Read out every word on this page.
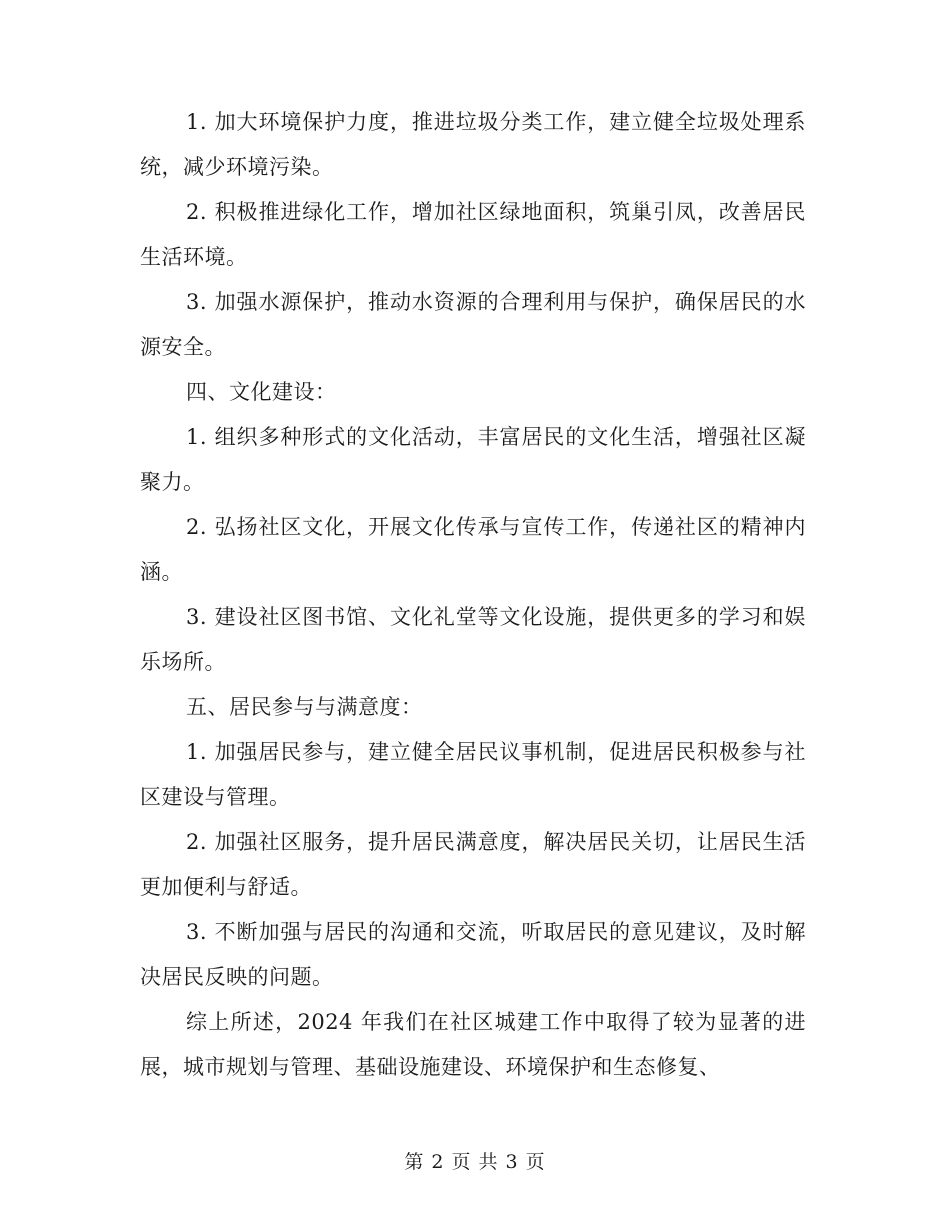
1. 加大环境保护力度，推进垃圾分类工作，建立健全垃圾处理系统，减少环境污染。

2. 积极推进绿化工作，增加社区绿地面积，筑巢引凤，改善居民生活环境。

3. 加强水源保护，推动水资源的合理利用与保护，确保居民的水源安全。

四、文化建设：

1. 组织多种形式的文化活动，丰富居民的文化生活，增强社区凝聚力。

2. 弘扬社区文化，开展文化传承与宣传工作，传递社区的精神内涵。

3. 建设社区图书馆、文化礼堂等文化设施，提供更多的学习和娱乐场所。

五、居民参与与满意度：

1. 加强居民参与，建立健全居民议事机制，促进居民积极参与社区建设与管理。

2. 加强社区服务，提升居民满意度，解决居民关切，让居民生活更加便利与舒适。

3. 不断加强与居民的沟通和交流，听取居民的意见建议，及时解决居民反映的问题。

综上所述，2024 年我们在社区城建工作中取得了较为显著的进展，城市规划与管理、基础设施建设、环境保护和生态修复、

第 2 页 共 3 页
